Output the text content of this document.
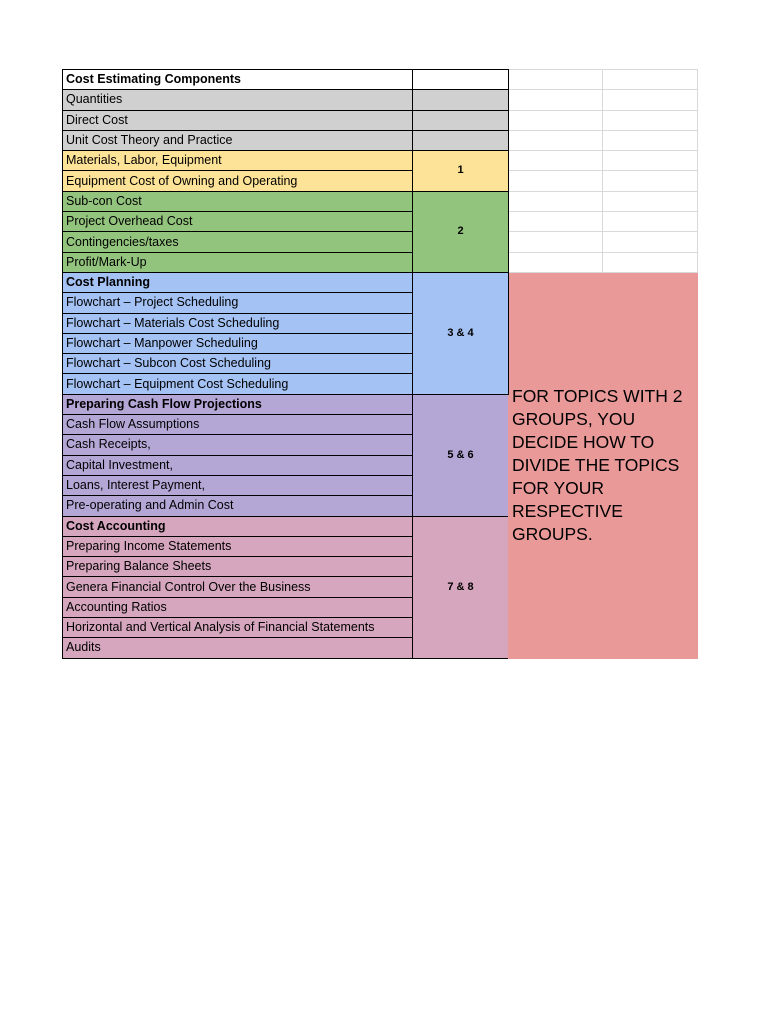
Cost Estimating Components			
Quantities			
Direct Cost			
Unit Cost Theory and Practice			
Materials, Labor, Equipment	1		
Equipment Cost of Owning and Operating			
Sub-con Cost	2		
Project Overhead Cost			
Contingencies/taxes			
Profit/Mark-Up			
Cost Planning	3 & 4	FOR TOPICS WITH 2 GROUPS, YOU DECIDE HOW TO DIVIDE THE TOPICS FOR YOUR RESPECTIVE GROUPS.	
Flowchart – Project Scheduling			
Flowchart – Materials Cost Scheduling			
Flowchart – Manpower Scheduling			
Flowchart – Subcon Cost Scheduling			
Flowchart – Equipment Cost Scheduling			
Preparing Cash Flow Projections	5 & 6		
Cash Flow Assumptions			
Cash Receipts,			
Capital Investment,			
Loans, Interest Payment,			
Pre-operating and Admin Cost			
Cost Accounting	7 & 8		
Preparing Income Statements			
Preparing Balance Sheets			
Genera Financial Control Over the Business			
Accounting Ratios			
Horizontal and Vertical Analysis of Financial Statements			
Audits			
